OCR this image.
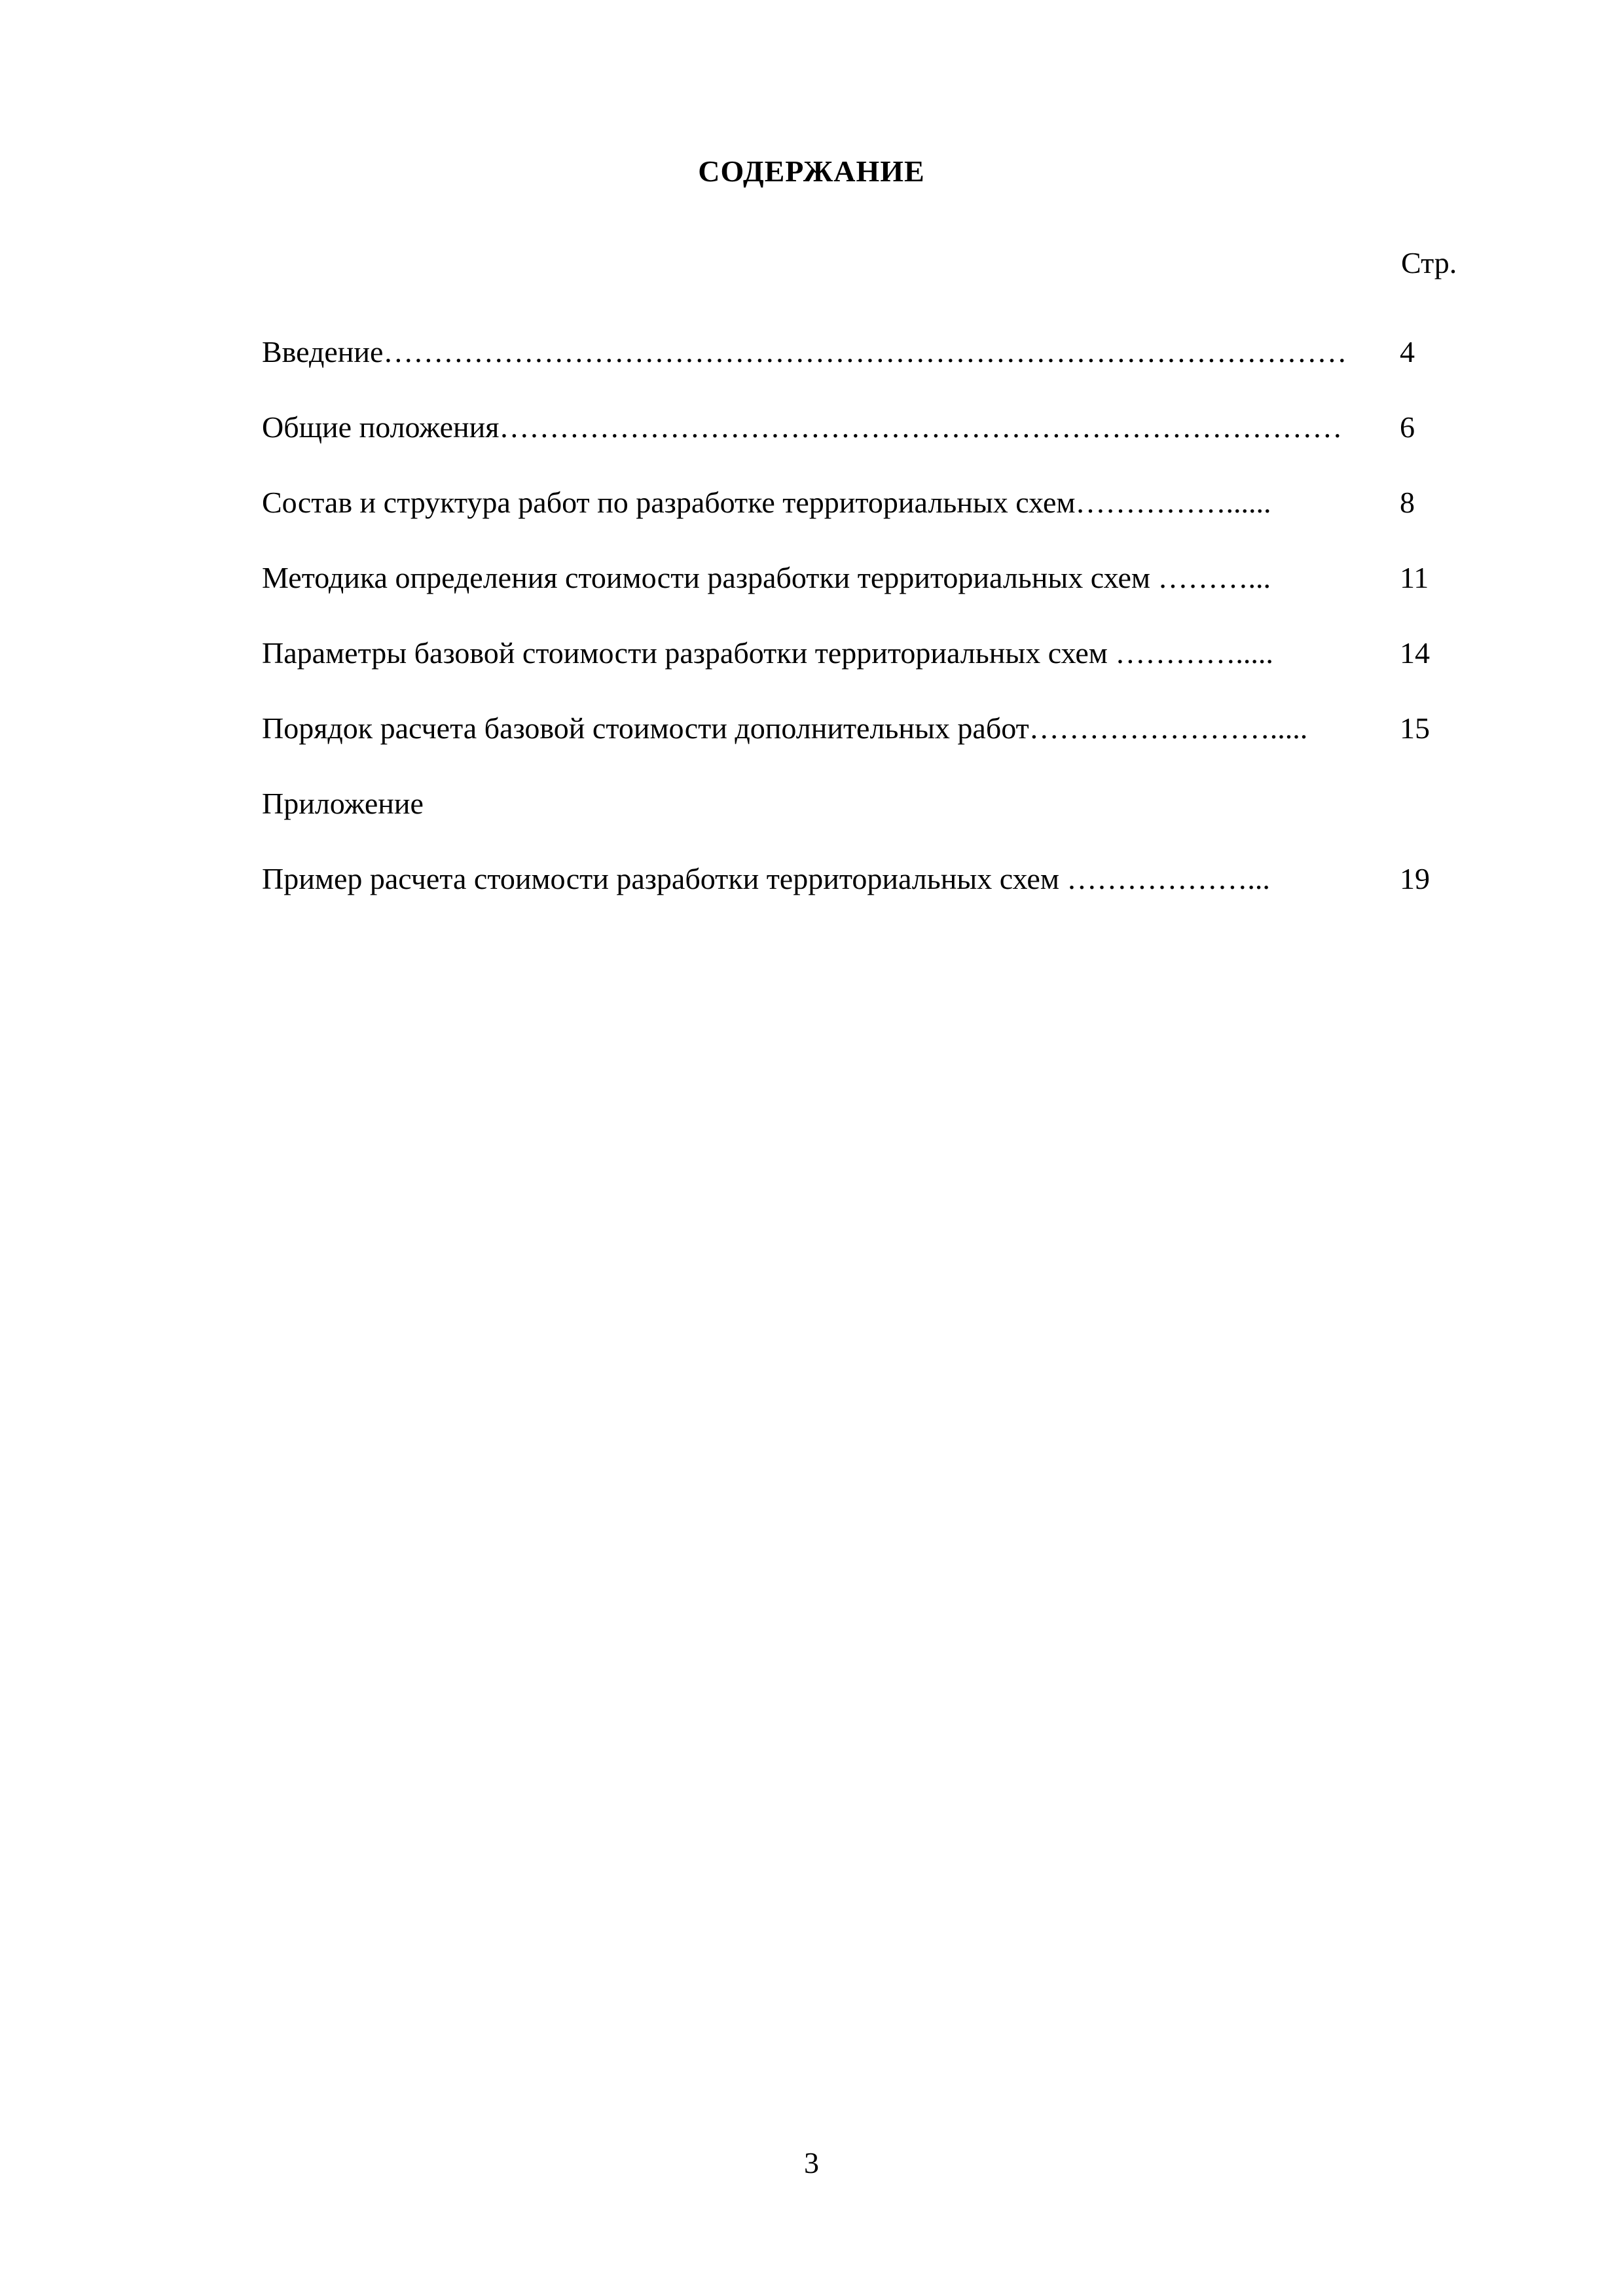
СОДЕРЖАНИЕ
Стр.
Введение…………………………………………………………………………………… 4
Общие положения………………………………………………………………………… 6
Состав и структура работ по разработке территориальных схем……………......	8
Методика определения стоимости разработки территориальных схем ………...	11
Параметры базовой стоимости разработки территориальных схем ………….....	14
Порядок расчета базовой стоимости дополнительных работ…………………….....	15
Приложение
Пример расчета стоимости разработки территориальных схем ………………...	19
3
